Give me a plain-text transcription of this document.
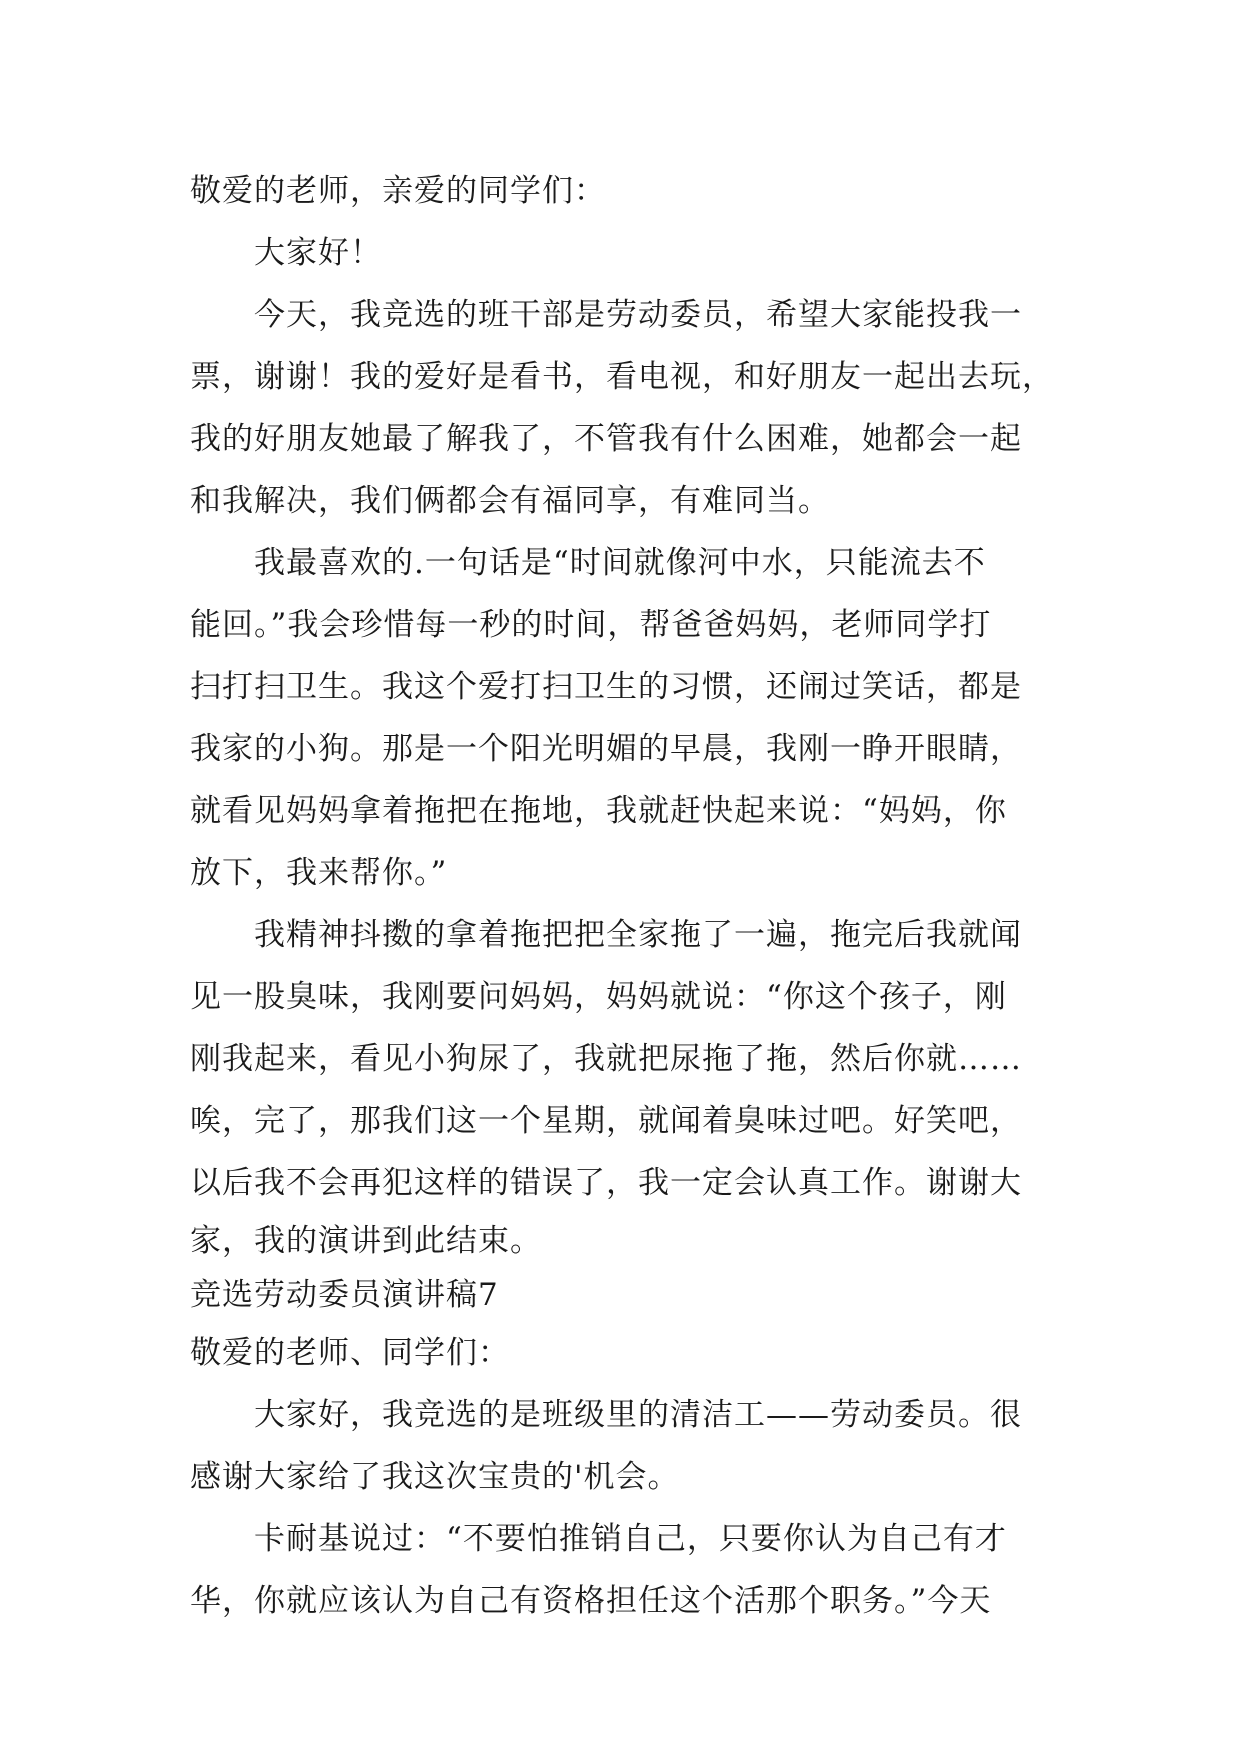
敬爱的老师，亲爱的同学们：
大家好！
今天，我竞选的班干部是劳动委员，希望大家能投我一
票，谢谢！我的爱好是看书，看电视，和好朋友一起出去玩，
我的好朋友她最了解我了，不管我有什么困难，她都会一起
和我解决，我们俩都会有福同享，有难同当。
我最喜欢的.一句话是“时间就像河中水，只能流去不
能回。”我会珍惜每一秒的时间，帮爸爸妈妈，老师同学打
扫打扫卫生。我这个爱打扫卫生的习惯，还闹过笑话，都是
我家的小狗。那是一个阳光明媚的早晨，我刚一睁开眼睛，
就看见妈妈拿着拖把在拖地，我就赶快起来说：“妈妈，你
放下，我来帮你。”
我精神抖擞的拿着拖把把全家拖了一遍，拖完后我就闻
见一股臭味，我刚要问妈妈，妈妈就说：“你这个孩子，刚
刚我起来，看见小狗尿了，我就把尿拖了拖，然后你就……
唉，完了，那我们这一个星期，就闻着臭味过吧。好笑吧，
以后我不会再犯这样的错误了，我一定会认真工作。谢谢大
家，我的演讲到此结束。
竞选劳动委员演讲稿7
敬爱的老师、同学们：
大家好，我竞选的是班级里的清洁工——劳动委员。很
感谢大家给了我这次宝贵的'机会。
卡耐基说过：“不要怕推销自己，只要你认为自己有才
华，你就应该认为自己有资格担任这个活那个职务。”今天
